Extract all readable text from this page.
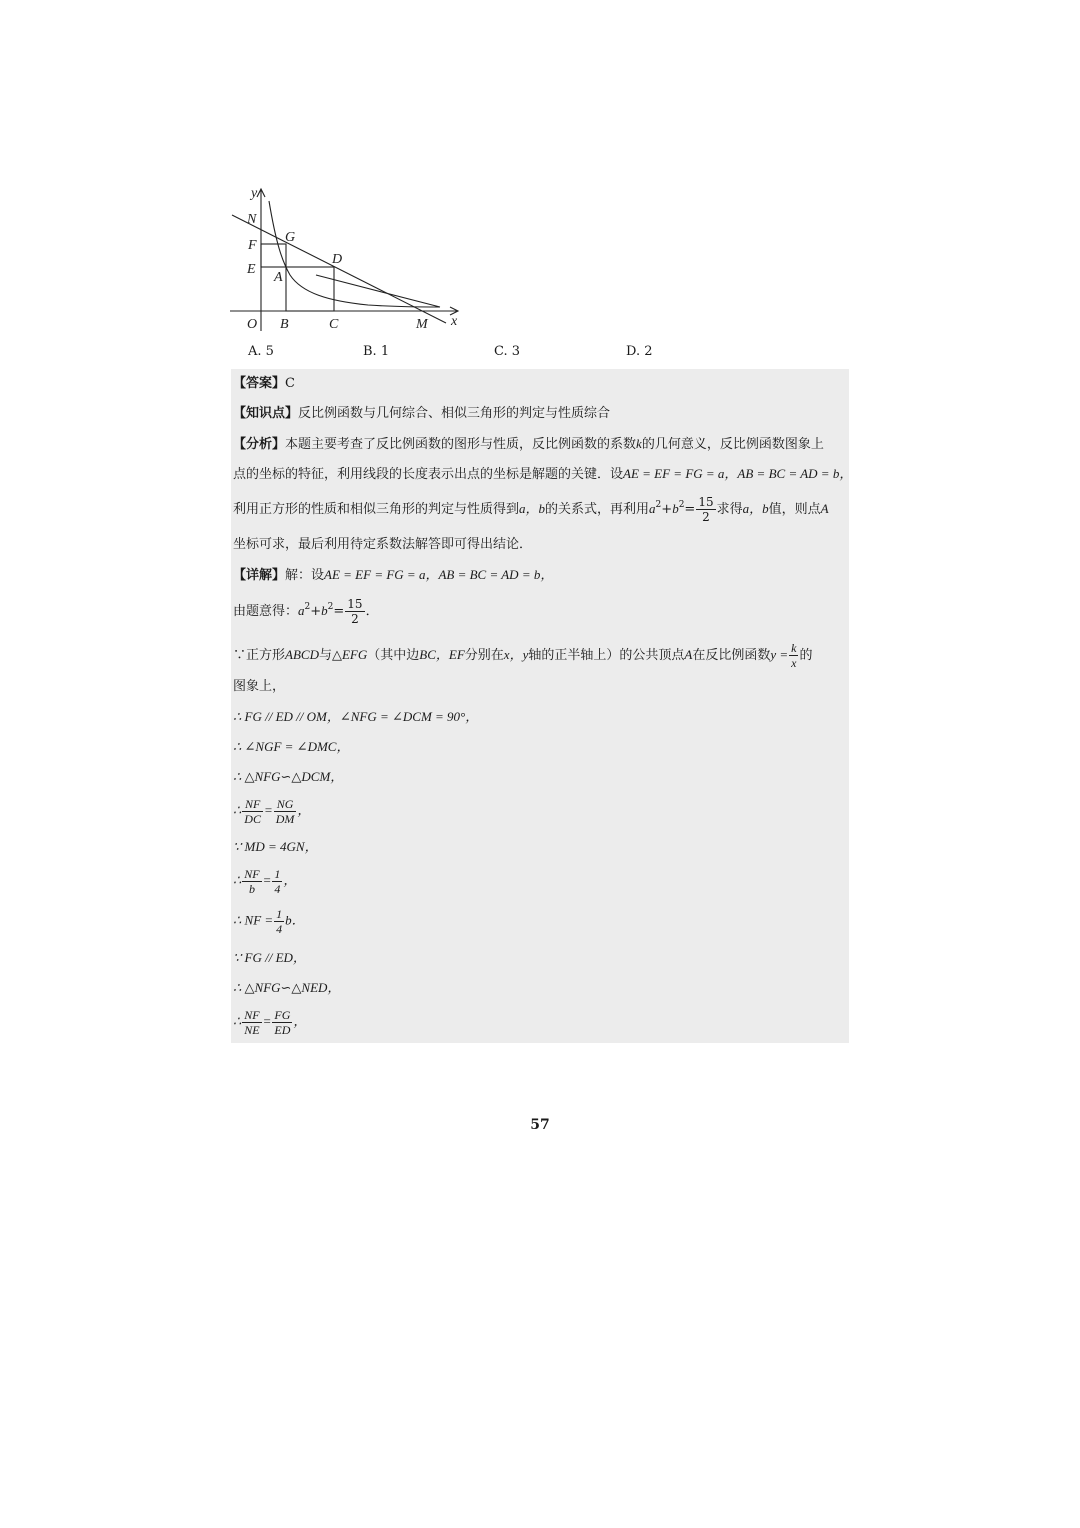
y
N
F
G
E
D
A
O B	C	M x
A. 5	B. 1	C. 3	D. 2
【答案】C
【知识点】反比例函数与几何综合、相似三角形的判定与性质综合
【分析】本题主要考查了反比例函数的图形与性质，反比例函数的系数k的几何意义，反比例函数图象上
点的坐标的特征，利用线段的长度表示出点的坐标是解题的关键．设AE = EF = FG = a，AB = BC = AD = b，
利用正方形的性质和相似三角形的判定与性质得到a，b的关系式，再利用$a^2+b^2= \frac{15}{2}$ 求得a，b值，则点A
坐标可求，最后利用待定系数法解答即可得出结论．
【详解】解：设AE = EF = FG = a，AB = BC = AD = b，
由题意得：$a^2+b^2= \frac{15}{2}$ ．
∵正方形ABCD与△EFG（其中边BC，EF分别在x，y轴的正半轴上）的公共顶点A在反比例函数$y = \frac{k}{x}$ 的
图象上，
∴ FG // ED // OM，∠NFG = ∠DCM = 90°，
∴ ∠NGF = ∠DMC，
∴ △NFG∽△DCM，
∴ $\frac{NF}{DC} = \frac{NG}{DM}$ ，
∵ MD = 4GN，
∴ $\frac{NF}{b} = \frac{1}{4}$ ，
∴ NF = $\frac{1}{4}$ b．
∵ FG // ED，
∴ △NFG∽△NED，
∴ $\frac{NF}{NE} = \frac{FG}{ED}$ ，
57
